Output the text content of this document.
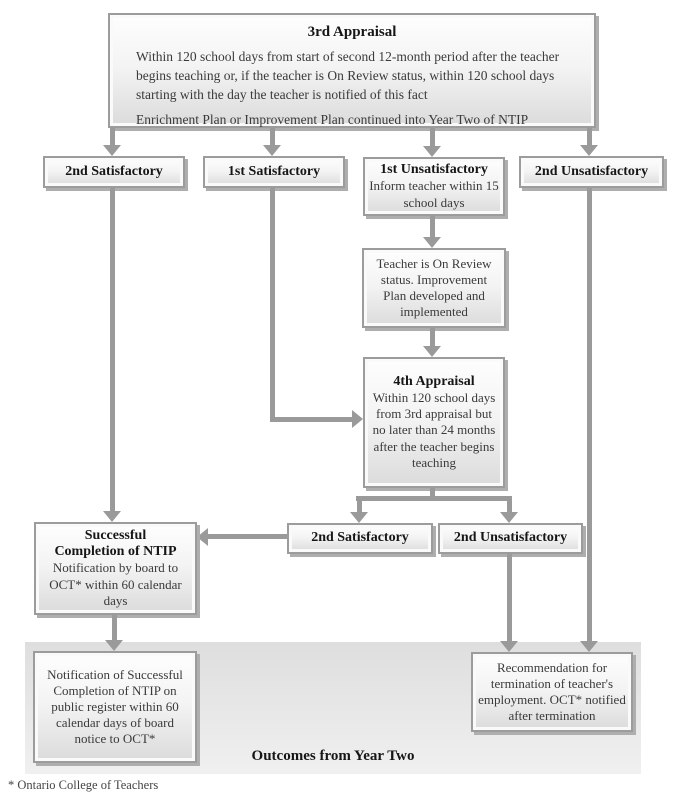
Outcomes from Year Two
3rd Appraisal
Within 120 school days from start of second 12-month period after the teacher begins teaching or, if the teacher is On Review status, within 120 school days starting with the day the teacher is notified of this fact
Enrichment Plan or Improvement Plan continued into Year Two of NTIP
2nd Satisfactory	1st Satisfactory	1st Unsatisfactory
Inform teacher within 15 school days
2nd Unsatisfactory
Teacher is On Review status. Improvement Plan developed and implemented
4th Appraisal
Within 120 school days from 3rd appraisal but no later than 24 months after the teacher begins teaching
2nd Satisfactory	2nd Unsatisfactory
Successful Completion of NTIP
Notification by board to OCT* within 60 calendar days
Notification of Successful Completion of NTIP on public register within 60 calendar days of board notice to OCT*
Recommendation for termination of teacher's employment. OCT* notified after termination
* Ontario College of Teachers
